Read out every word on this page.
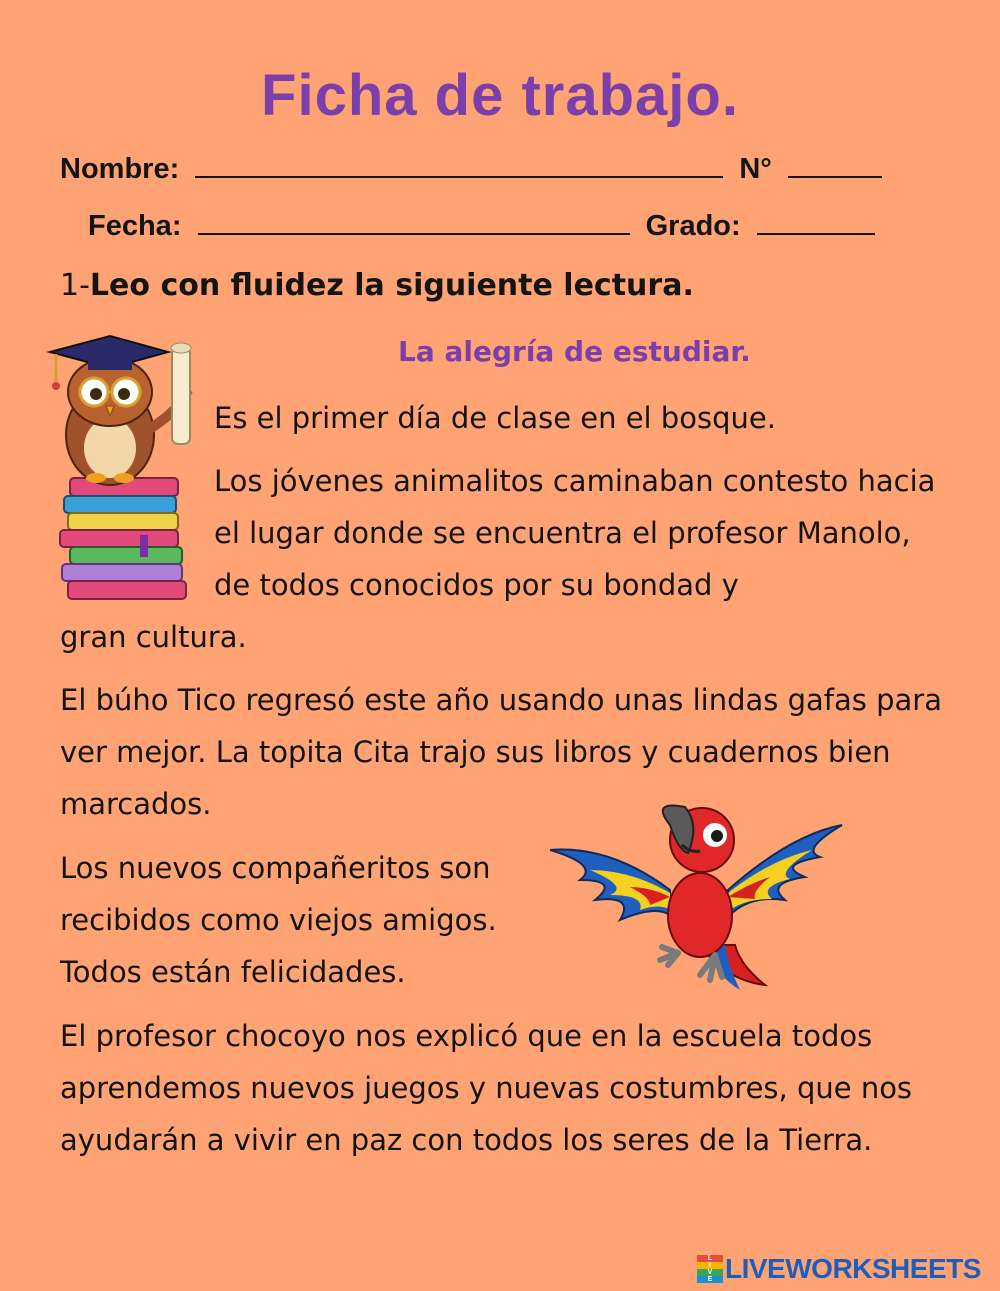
Ficha de trabajo.
Nombre:	N°
Fecha:	Grado:
1-Leo con fluidez la siguiente lectura.
La alegría de estudiar.

Es el primer día de clase en el bosque.

Los jóvenes animalitos caminaban contesto hacia el lugar donde se encuentra el profesor Manolo, de todos conocidos por su bondad y

gran cultura.

El búho Tico regresó este año usando unas lindas gafas para ver mejor. La topita Cita trajo sus libros y cuadernos bien marcados.

Los nuevos compañeritos son recibidos como viejos amigos. Todos están felicidades.

El profesor chocoyo nos explicó que en la escuela todos aprendemos nuevos juegos y nuevas costumbres, que nos ayudarán a vivir en paz con todos los seres de la Tierra.

L
I
V
E LIVEWORKSHEETS
